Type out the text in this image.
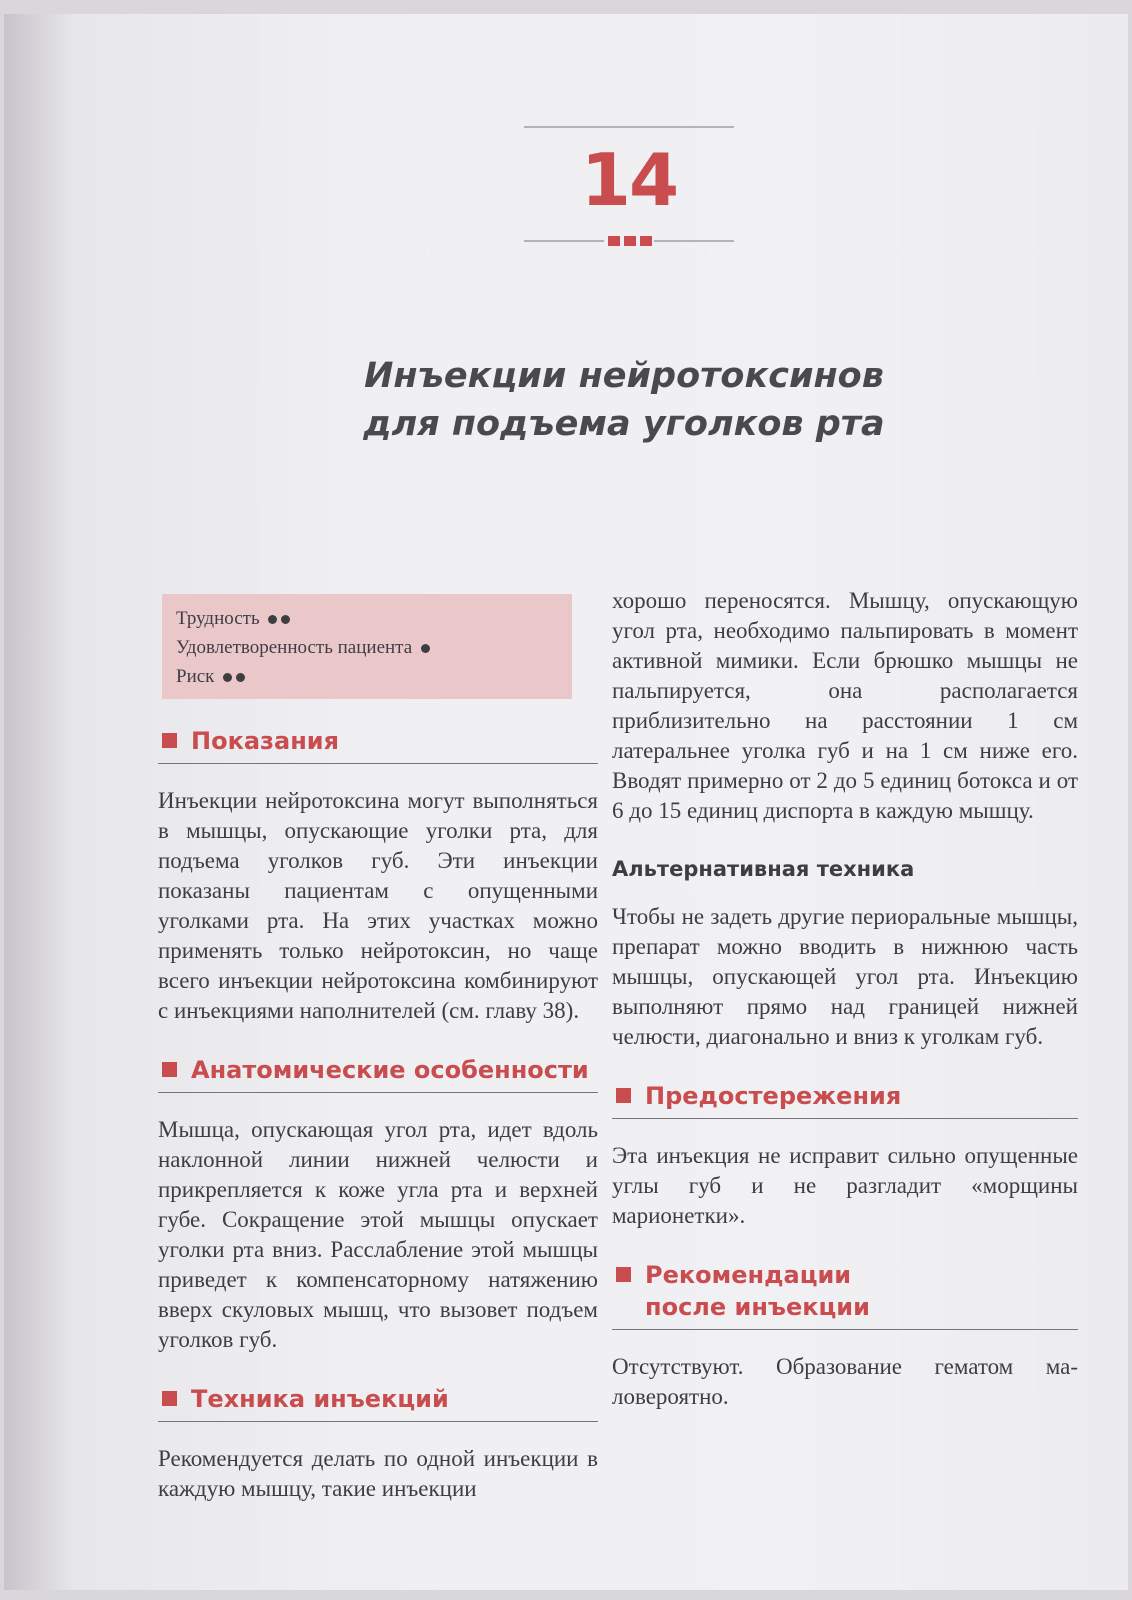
14
Инъекции нейротоксинов
для подъема уголков рта
Трудность
Удовлетворенность пациента
Риск
Показания
Инъекции нейротоксина могут выполняться в мышцы, опускающие уголки рта, для подъема уголков губ. Эти инъекции показаны пациентам с опущенными уголками рта. На этих участках можно применять только нейротоксин, но чаще всего инъекции нейротоксина комбинируют с инъекциями наполнителей (см. главу 38).
Анатомические особенности
Мышца, опускающая угол рта, идет вдоль наклонной линии нижней челюсти и прикрепляется к коже угла рта и верхней губе. Сокращение этой мышцы опускает уголки рта вниз. Расслабление этой мышцы приведет к компенсаторному натяжению вверх скуловых мышц, что вызовет подъем уголков губ.
Техника инъекций
Рекомендуется делать по одной инъекции в каждую мышцу, такие инъекции
хорошо переносятся. Мышцу, опускающую угол рта, необходимо пальпировать в момент активной мимики. Если брюшко мышцы не пальпируется, она располагается приблизительно на расстоянии 1 см латеральнее уголка губ и на 1 см ниже его. Вводят примерно от 2 до 5 единиц ботокса и от 6 до 15 единиц диспорта в каждую мышцу.
Альтернативная техника
Чтобы не задеть другие периоральные мышцы, препарат можно вводить в нижнюю часть мышцы, опускающей угол рта. Инъекцию выполняют прямо над границей нижней челюсти, диагонально и вниз к уголкам губ.
Предостережения
Эта инъекция не исправит сильно опущенные углы губ и не разгладит «морщины марионетки».
Рекомендации
после инъекции
Отсутствуют. Образование гематом маловероятно.
